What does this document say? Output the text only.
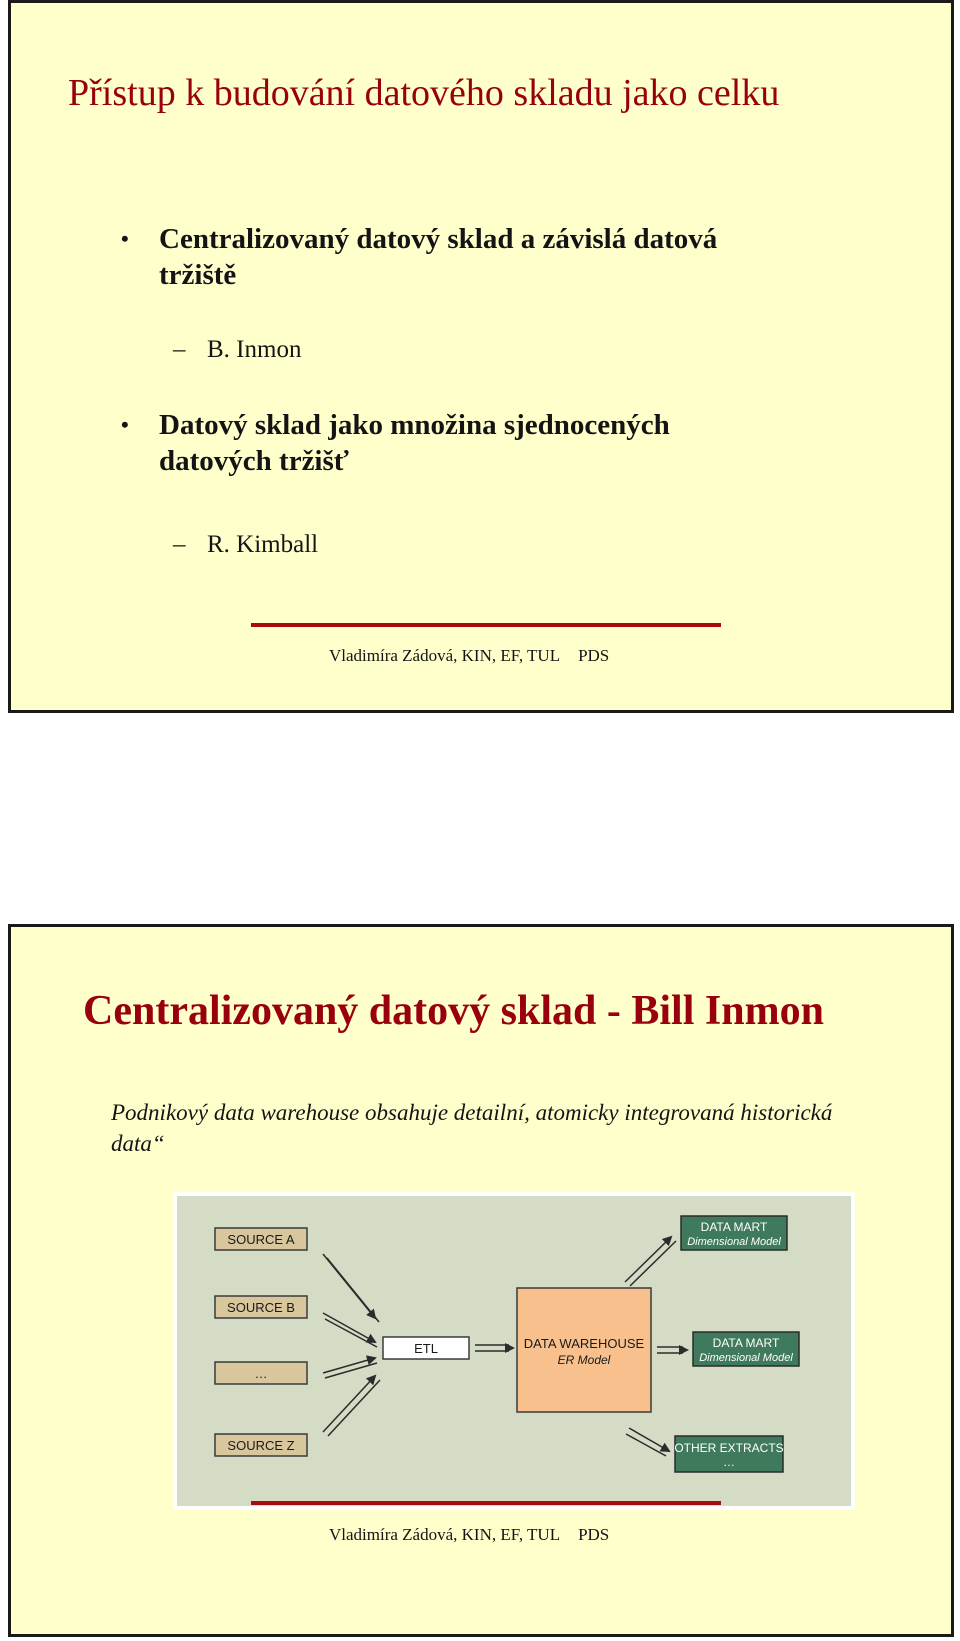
Přístup k budování datového skladu jako celku
• Centralizovaný datový sklad a závislá datová tržiště
– B. Inmon
• Datový sklad jako množina sjednocených datových tržišť
– R. Kimball
Vladimíra Zádová, KIN, EF, TUL PDS
Centralizovaný datový sklad - Bill Inmon
Podnikový data warehouse obsahuje detailní, atomicky integrovaná historická data“
SOURCE A
SOURCE B
…
SOURCE Z
ETL	DATA WAREHOUSE
ER Model
DATA MART
Dimensional Model
DATA MART
Dimensional Model
OTHER EXTRACTS
…
Vladimíra Zádová, KIN, EF, TUL PDS
